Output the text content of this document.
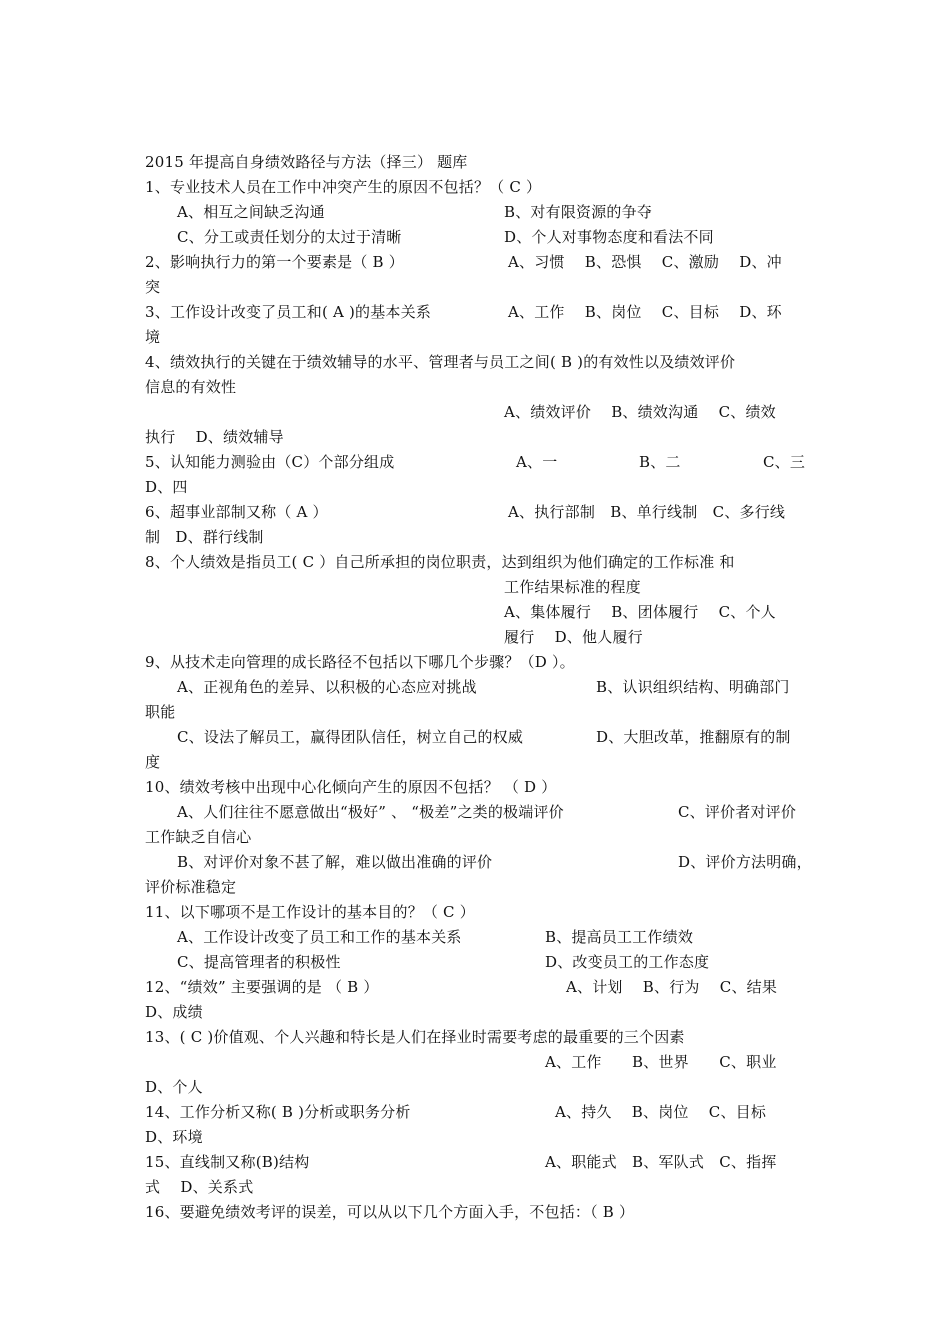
2015 年提高自身绩效路径与方法（择三） 题库
1、专业技术人员在工作中冲突产生的原因不包括？（ C ）
A、相互之间缺乏沟通	B、对有限资源的争夺
C、分工或责任划分的太过于清晰	D、个人对事物态度和看法不同
2、影响执行力的第一个要素是（ B ）	A、习惯　 B、恐惧　 C、激励　 D、冲
突
3、工作设计改变了员工和( A )的基本关系	A、工作　 B、岗位　 C、目标　 D、环
境
4、绩效执行的关键在于绩效辅导的水平、管理者与员工之间( B )的有效性以及绩效评价
信息的有效性
A、绩效评价　 B、绩效沟通　 C、绩效
执行　 D、绩效辅导
5、认知能力测验由（C）个部分组成	A、一	B、二	C、三
D、四
6、超事业部制又称（ A ）	A、执行部制　B、单行线制　C、多行线
制　D、群行线制
8、个人绩效是指员工( C ）自己所承担的岗位职责，达到组织为他们确定的工作标准 和
工作结果标准的程度
A、集体履行　 B、团体履行　 C、个人
履行　 D、他人履行
9、从技术走向管理的成长路径不包括以下哪几个步骤？（D ）。
A、正视角色的差异、以积极的心态应对挑战	B、认识组织结构、明确部门
职能
C、设法了解员工，赢得团队信任，树立自己的权威	D、大胆改革，推翻原有的制
度
10、绩效考核中出现中心化倾向产生的原因不包括？ （ D ）
A、人们往往不愿意做出“极好” 、 “极差”之类的极端评价	C、评价者对评价
工作缺乏自信心
B、对评价对象不甚了解，难以做出准确的评价	D、评价方法明确，
评价标准稳定
11、以下哪项不是工作设计的基本目的？（ C ）
A、工作设计改变了员工和工作的基本关系	B、提高员工工作绩效
C、提高管理者的积极性	D、改变员工的工作态度
12、“绩效” 主要强调的是 （ B ）	A、计划　 B、行为　 C、结果
D、成绩
13、( C )价值观、个人兴趣和特长是人们在择业时需要考虑的最重要的三个因素
A、工作　　B、世界　　C、职业
D、个人
14、工作分析又称( B )分析或职务分析	A、持久　 B、岗位　 C、目标
D、环境
15、直线制又称(B)结构	A、职能式　B、军队式　C、指挥
式　 D、关系式
16、要避免绩效考评的误差，可以从以下几个方面入手，不包括：（ B ）
